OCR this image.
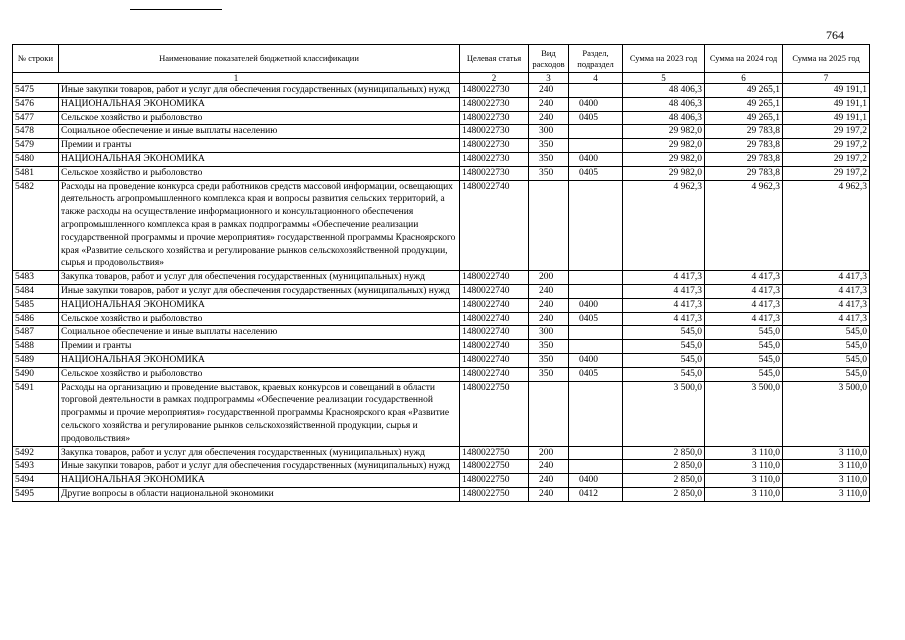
764
№ строки	Наименование показателей бюджетной классификации	Целевая статья	Вид расходов	Раздел, подраздел	Сумма на 2023 год	Сумма на 2024 год	Сумма на 2025 год
1		2	3	4	5	6	7
5475	Иные закупки товаров, работ и услуг для обеспечения государственных (муниципальных) нужд	1480022730	240		48 406,3	49 265,1	49 191,1
5476	НАЦИОНАЛЬНАЯ ЭКОНОМИКА	1480022730	240	0400	48 406,3	49 265,1	49 191,1
5477	Сельское хозяйство и рыболовство	1480022730	240	0405	48 406,3	49 265,1	49 191,1
5478	Социальное обеспечение и иные выплаты населению	1480022730	300		29 982,0	29 783,8	29 197,2
5479	Премии и гранты	1480022730	350		29 982,0	29 783,8	29 197,2
5480	НАЦИОНАЛЬНАЯ ЭКОНОМИКА	1480022730	350	0400	29 982,0	29 783,8	29 197,2
5481	Сельское хозяйство и рыболовство	1480022730	350	0405	29 982,0	29 783,8	29 197,2
5482	Расходы на проведение конкурса среди работников средств массовой информации, освещающих деятельность агропромышленного комплекса края и вопросы развития сельских территорий, а также расходы на осуществление информационного и консультационного обеспечения агропромышленного комплекса края в рамках подпрограммы «Обеспечение реализации государственной программы и прочие мероприятия» государственной программы Красноярского края «Развитие сельского хозяйства и регулирование рынков сельскохозяйственной продукции, сырья и продовольствия»	1480022740			4 962,3	4 962,3	4 962,3
5483	Закупка товаров, работ и услуг для обеспечения государственных (муниципальных) нужд	1480022740	200		4 417,3	4 417,3	4 417,3
5484	Иные закупки товаров, работ и услуг для обеспечения государственных (муниципальных) нужд	1480022740	240		4 417,3	4 417,3	4 417,3
5485	НАЦИОНАЛЬНАЯ ЭКОНОМИКА	1480022740	240	0400	4 417,3	4 417,3	4 417,3
5486	Сельское хозяйство и рыболовство	1480022740	240	0405	4 417,3	4 417,3	4 417,3
5487	Социальное обеспечение и иные выплаты населению	1480022740	300		545,0	545,0	545,0
5488	Премии и гранты	1480022740	350		545,0	545,0	545,0
5489	НАЦИОНАЛЬНАЯ ЭКОНОМИКА	1480022740	350	0400	545,0	545,0	545,0
5490	Сельское хозяйство и рыболовство	1480022740	350	0405	545,0	545,0	545,0
5491	Расходы на организацию и проведение выставок, краевых конкурсов и совещаний в области торговой деятельности в рамках подпрограммы «Обеспечение реализации государственной программы и прочие мероприятия» государственной программы Красноярского края «Развитие сельского хозяйства и регулирование рынков сельскохозяйственной продукции, сырья и продовольствия»	1480022750			3 500,0	3 500,0	3 500,0
5492	Закупка товаров, работ и услуг для обеспечения государственных (муниципальных) нужд	1480022750	200		2 850,0	3 110,0	3 110,0
5493	Иные закупки товаров, работ и услуг для обеспечения государственных (муниципальных) нужд	1480022750	240		2 850,0	3 110,0	3 110,0
5494	НАЦИОНАЛЬНАЯ ЭКОНОМИКА	1480022750	240	0400	2 850,0	3 110,0	3 110,0
5495	Другие вопросы в области национальной экономики	1480022750	240	0412	2 850,0	3 110,0	3 110,0
